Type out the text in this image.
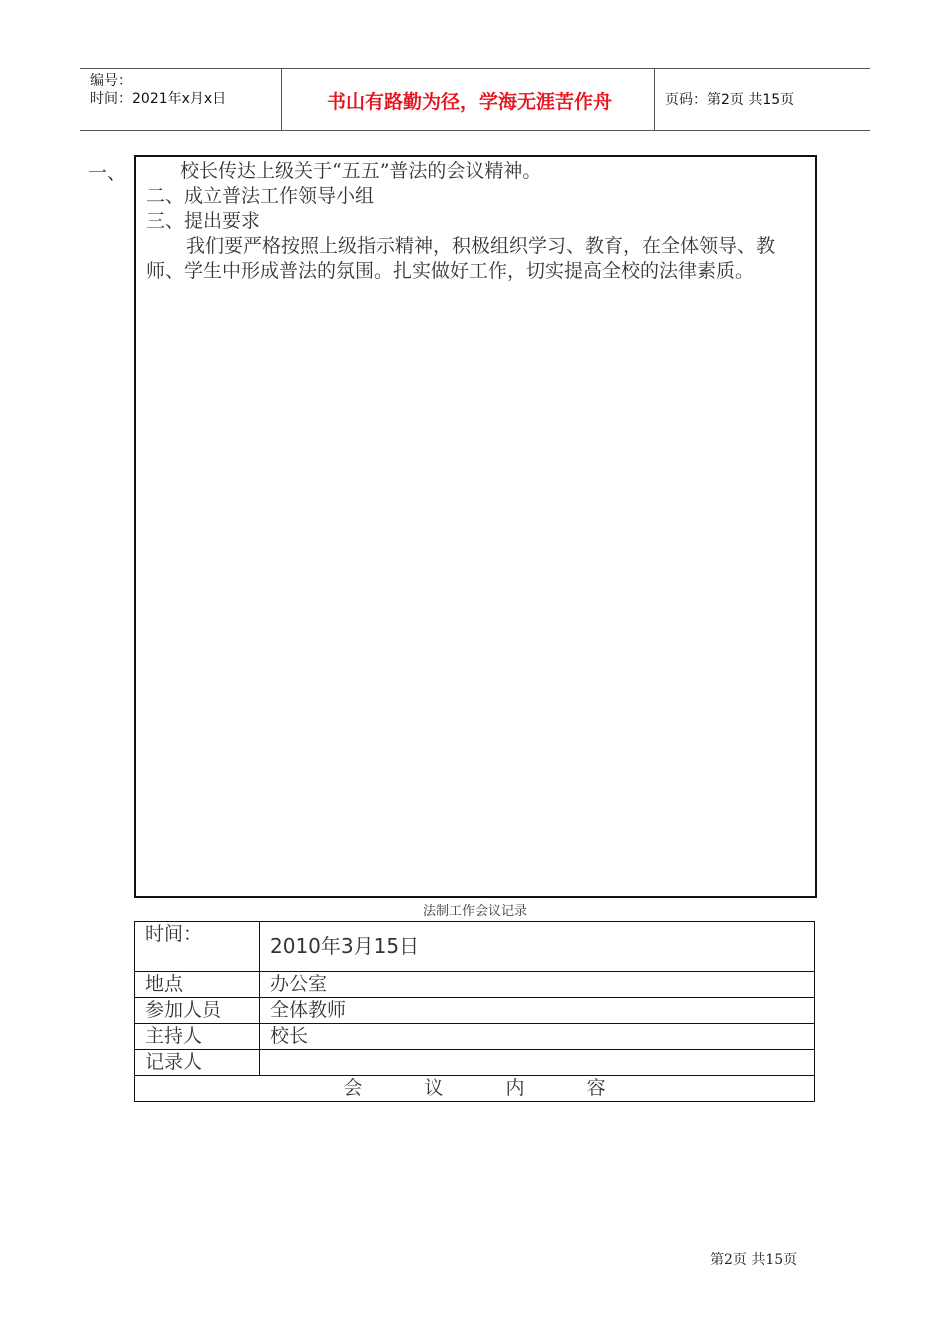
编号：
时间：2021年x月x日	书山有路勤为径，学海无涯苦作舟	页码：第2页 共15页
一、	校长传达上级关于“五五”普法的会议精神。

二、成立普法工作领导小组

三、提出要求

我们要严格按照上级指示精神，积极组织学习、教育，在全体领导、教师、学生中形成普法的氛围。扎实做好工作，切实提高全校的法律素质。

法制工作会议记录
时间：	2010年3月15日
地点	办公室
参加人员	全体教师
主持人	校长
记录人	
会 议 内 容	
第2页 共15页
